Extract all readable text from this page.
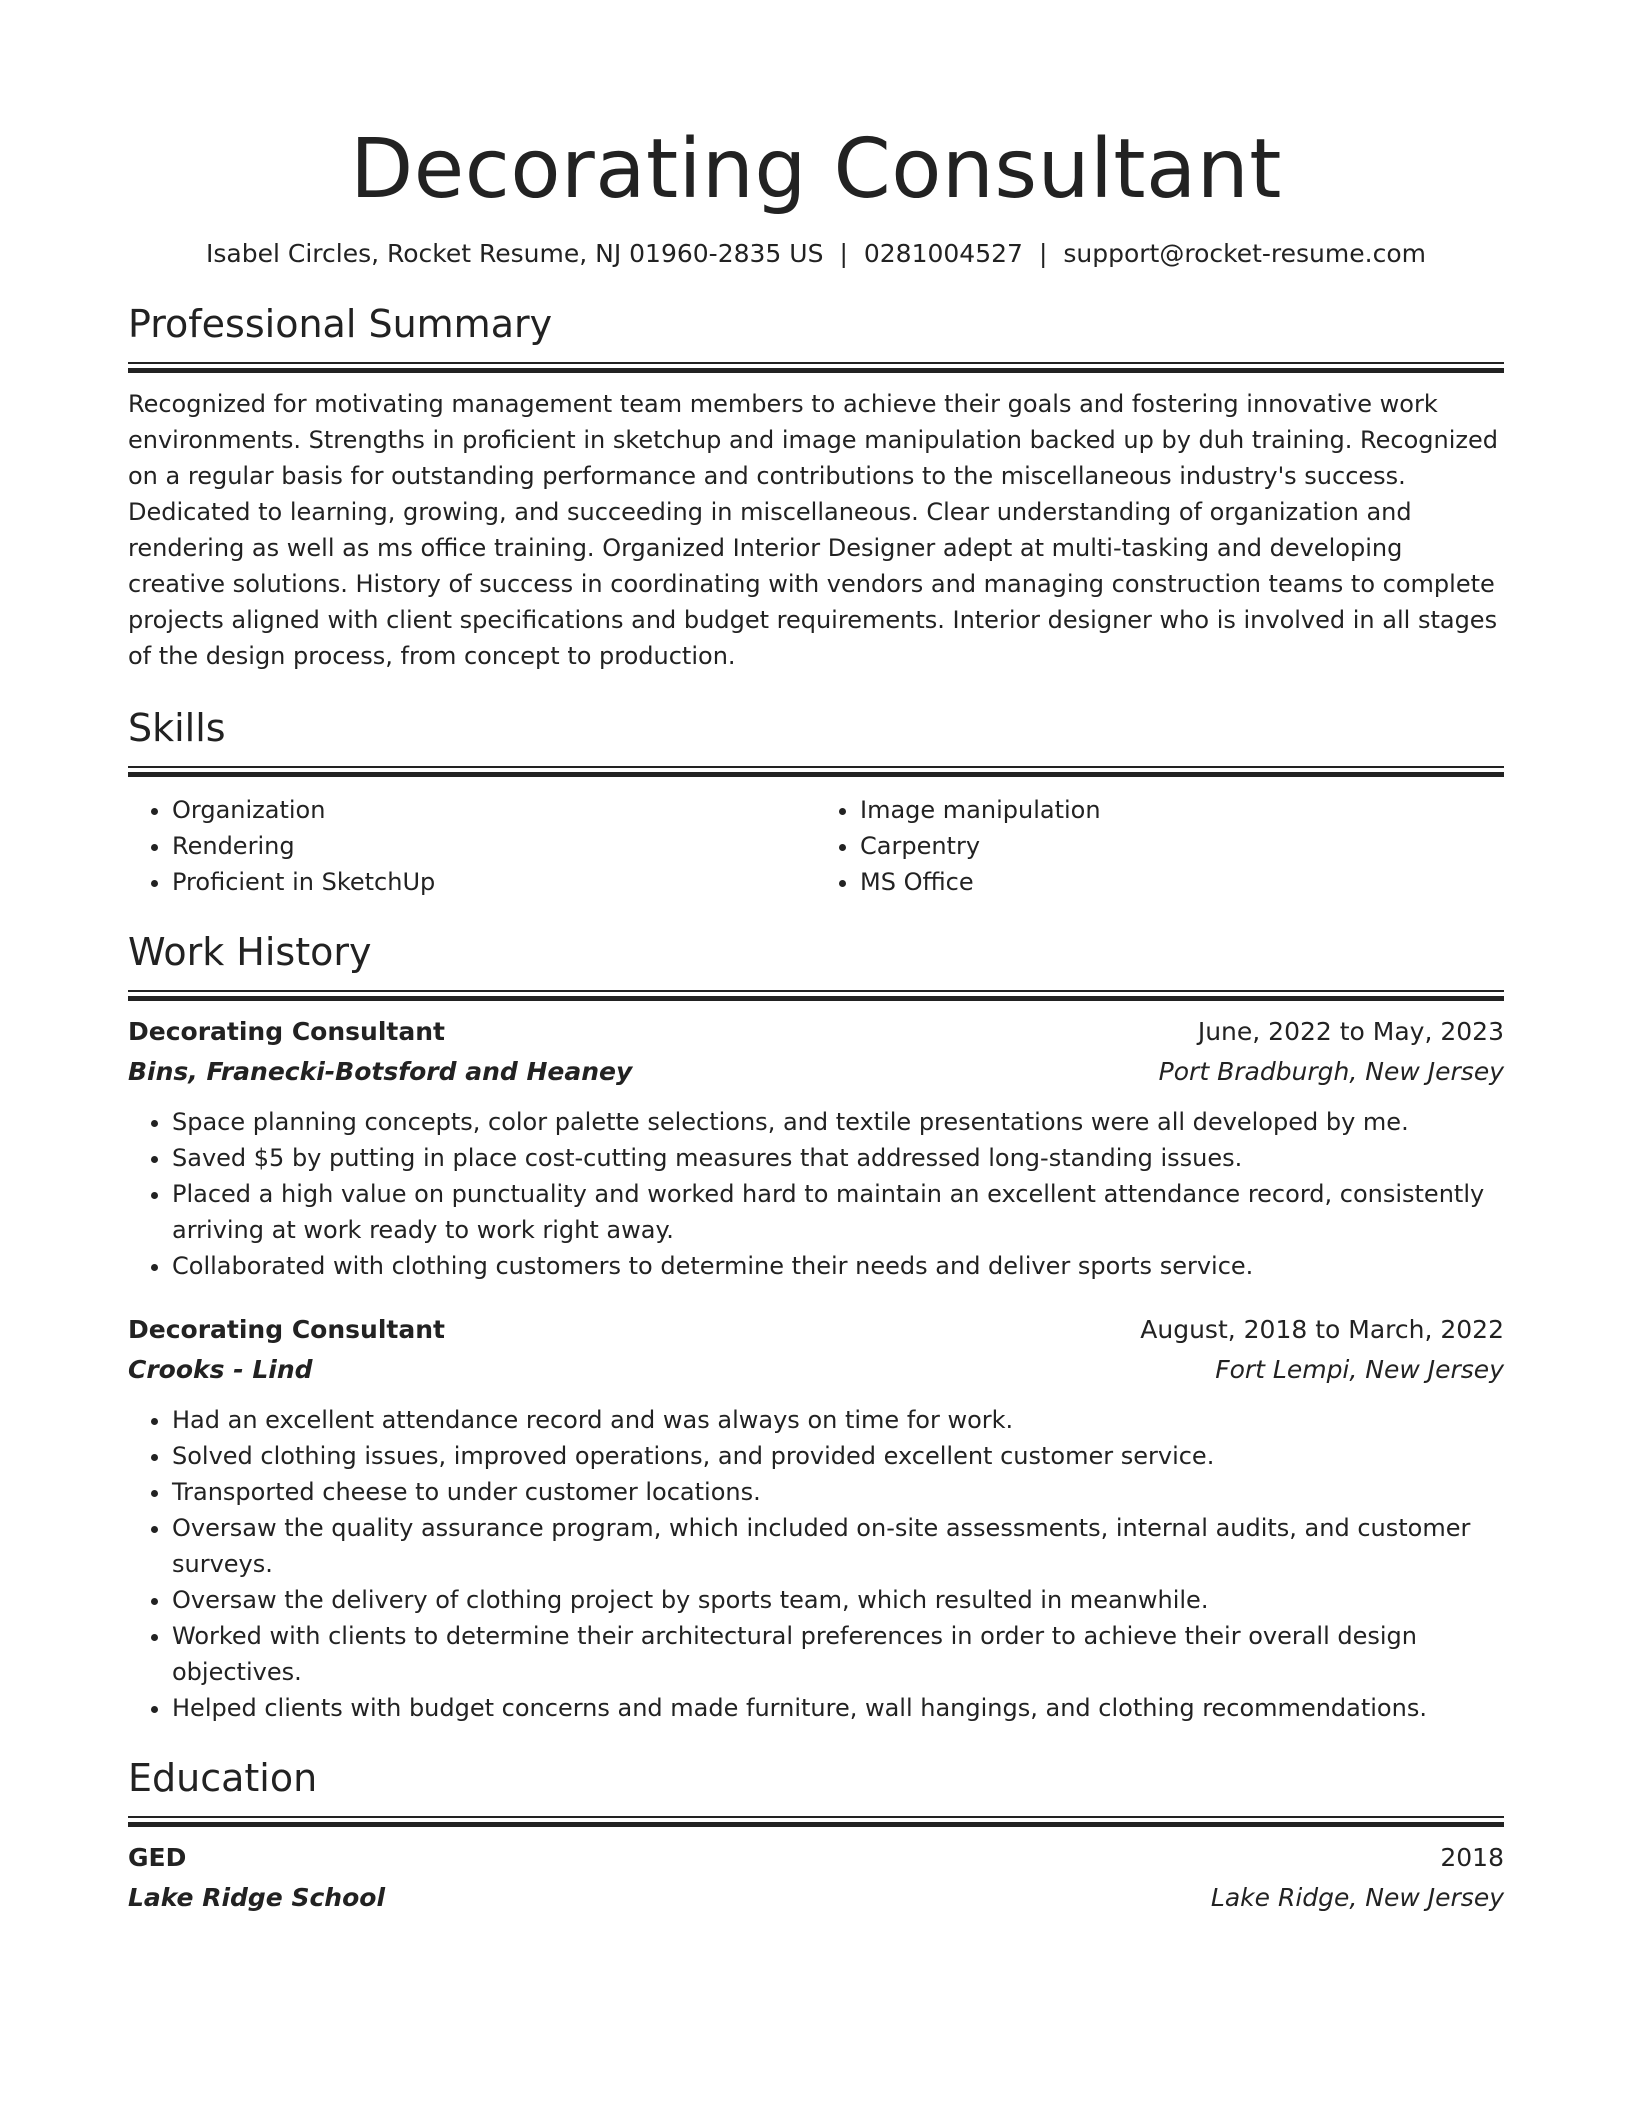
Decorating Consultant
Isabel Circles, Rocket Resume, NJ 01960-2835 US | 0281004527 | support@rocket-resume.com
Professional Summary
Recognized for motivating management team members to achieve their goals and fostering innovative work environments. Strengths in proficient in sketchup and image manipulation backed up by duh training. Recognized on a regular basis for outstanding performance and contributions to the miscellaneous industry's success. Dedicated to learning, growing, and succeeding in miscellaneous. Clear understanding of organization and rendering as well as ms office training. Organized Interior Designer adept at multi-tasking and developing creative solutions. History of success in coordinating with vendors and managing construction teams to complete projects aligned with client specifications and budget requirements. Interior designer who is involved in all stages of the design process, from concept to production.
Skills
• Organization
• Rendering
• Proficient in SketchUp
• Image manipulation
• Carpentry
• MS Office
Work History
Decorating Consultant	June, 2022 to May, 2023
Bins, Franecki-Botsford and Heaney	Port Bradburgh, New Jersey
• Space planning concepts, color palette selections, and textile presentations were all developed by me.
• Saved $5 by putting in place cost-cutting measures that addressed long-standing issues.
• Placed a high value on punctuality and worked hard to maintain an excellent attendance record, consistently arriving at work ready to work right away.
• Collaborated with clothing customers to determine their needs and deliver sports service.
Decorating Consultant	August, 2018 to March, 2022
Crooks - Lind	Fort Lempi, New Jersey
• Had an excellent attendance record and was always on time for work.
• Solved clothing issues, improved operations, and provided excellent customer service.
• Transported cheese to under customer locations.
• Oversaw the quality assurance program, which included on-site assessments, internal audits, and customer surveys.
• Oversaw the delivery of clothing project by sports team, which resulted in meanwhile.
• Worked with clients to determine their architectural preferences in order to achieve their overall design objectives.
• Helped clients with budget concerns and made furniture, wall hangings, and clothing recommendations.
Education
GED	2018
Lake Ridge School	Lake Ridge, New Jersey
